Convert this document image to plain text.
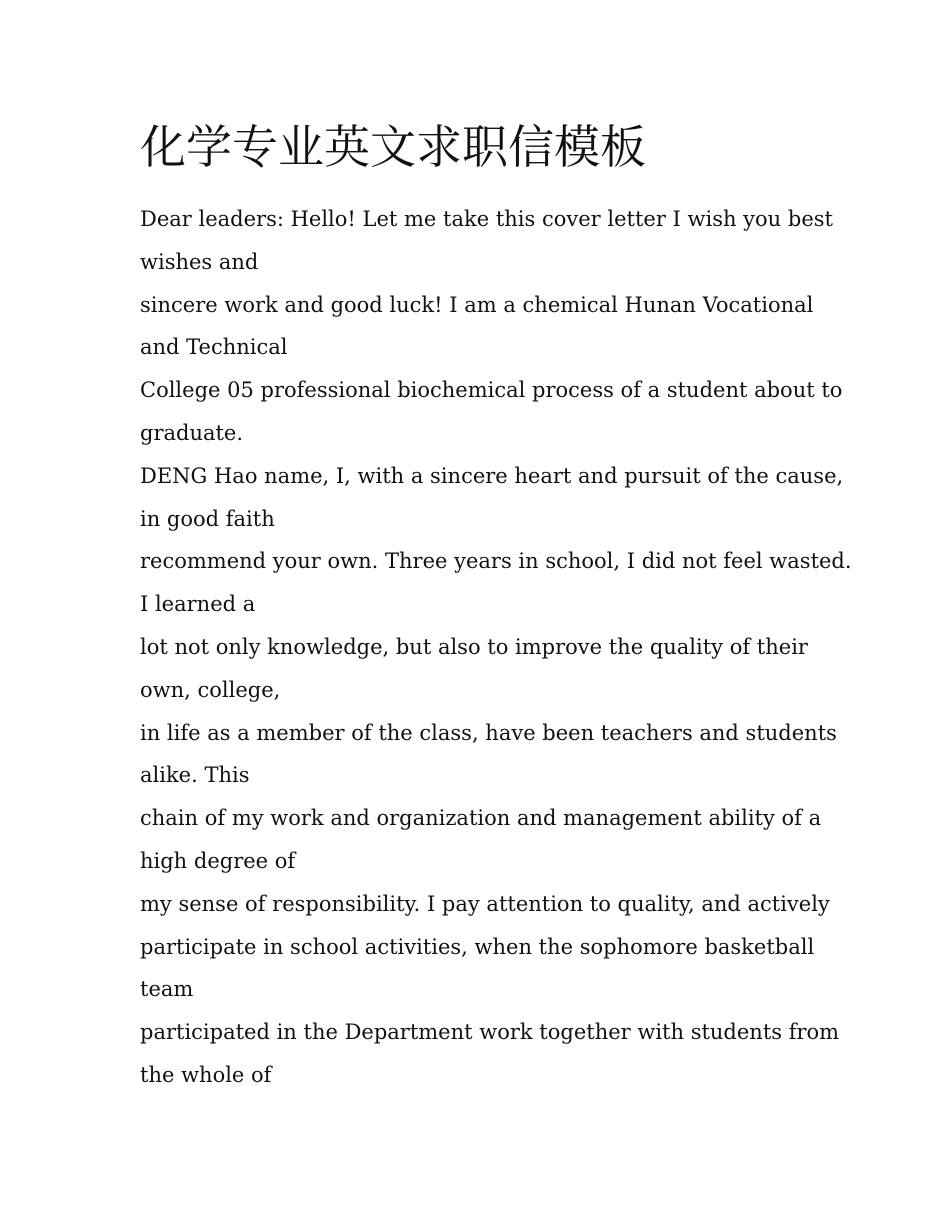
化学专业英文求职信模板

Dear leaders: Hello! Let me take this cover letter I wish you best

wishes and

sincere work and good luck! I am a chemical Hunan Vocational

and Technical

College 05 professional biochemical process of a student about to

graduate.

DENG Hao name, I, with a sincere heart and pursuit of the cause,

in good faith

recommend your own. Three years in school, I did not feel wasted.

I learned a

lot not only knowledge, but also to improve the quality of their

own, college,

in life as a member of the class, have been teachers and students

alike. This

chain of my work and organization and management ability of a

high degree of

my sense of responsibility. I pay attention to quality, and actively

participate in school activities, when the sophomore basketball

team

participated in the Department work together with students from

the whole of
